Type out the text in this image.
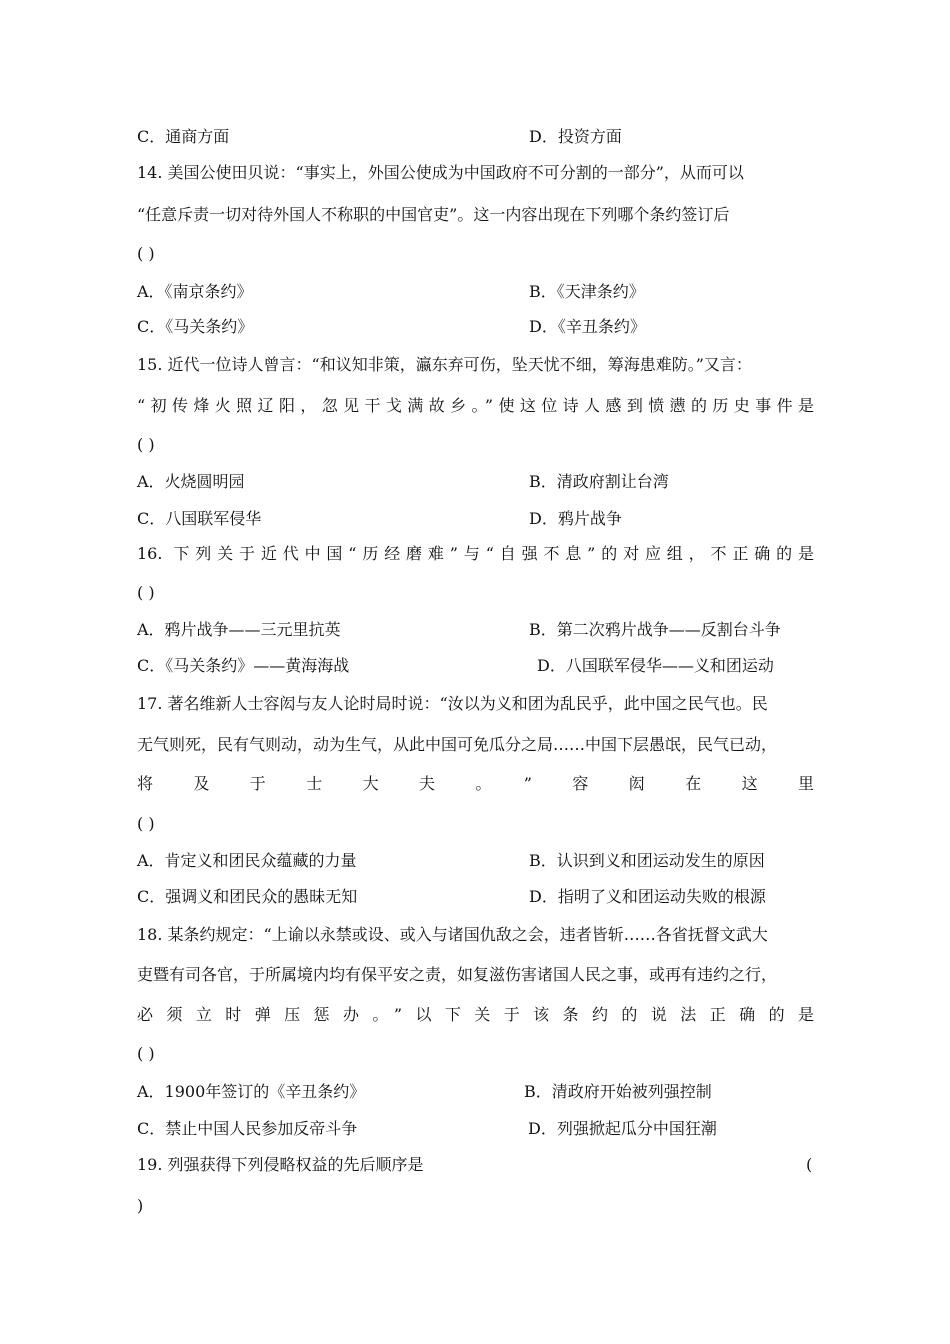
C．通商方面	D．投资方面
14. 美国公使田贝说：“事实上，外国公使成为中国政府不可分割的一部分”，从而可以
“任意斥责一切对待外国人不称职的中国官吏”。这一内容出现在下列哪个条约签订后
( )
A．《南京条约》	B．《天津条约》
C．《马关条约》	D．《辛丑条约》
15. 近代一位诗人曾言：“和议知非策，瀛东弃可伤，坠天忧不细，筹海患难防。”又言：
“初传烽火照辽阳，忽见干戈满故乡。”使这位诗人感到愤懑的历史事件是
( )
A．火烧圆明园	B．清政府割让台湾
C．八国联军侵华	D．鸦片战争
16. 下列关于近代中国“历经磨难”与“自强不息”的对应组，不正确的是
( )
A．鸦片战争——三元里抗英	B．第二次鸦片战争——反割台斗争
C．《马关条约》——黄海海战	D．八国联军侵华——义和团运动
17. 著名维新人士容闳与友人论时局时说：“汝以为义和团为乱民乎，此中国之民气也。民
无气则死，民有气则动，动为生气，从此中国可免瓜分之局……中国下层愚氓，民气已动，
将及于士大夫。”容闳在这里
( )
A．肯定义和团民众蕴藏的力量	B．认识到义和团运动发生的原因
C．强调义和团民众的愚昧无知	D．指明了义和团运动失败的根源
18. 某条约规定：“上谕以永禁或设、或入与诸国仇敌之会，违者皆斩……各省抚督文武大
吏暨有司各官，于所属境内均有保平安之责，如复滋伤害诸国人民之事，或再有违约之行，
必须立时弹压惩办。”以下关于该条约的说法正确的是
( )
A．1900年签订的《辛丑条约》	B．清政府开始被列强控制
C．禁止中国人民参加反帝斗争	D．列强掀起瓜分中国狂潮
19. 列强获得下列侵略权益的先后顺序是	(
)
